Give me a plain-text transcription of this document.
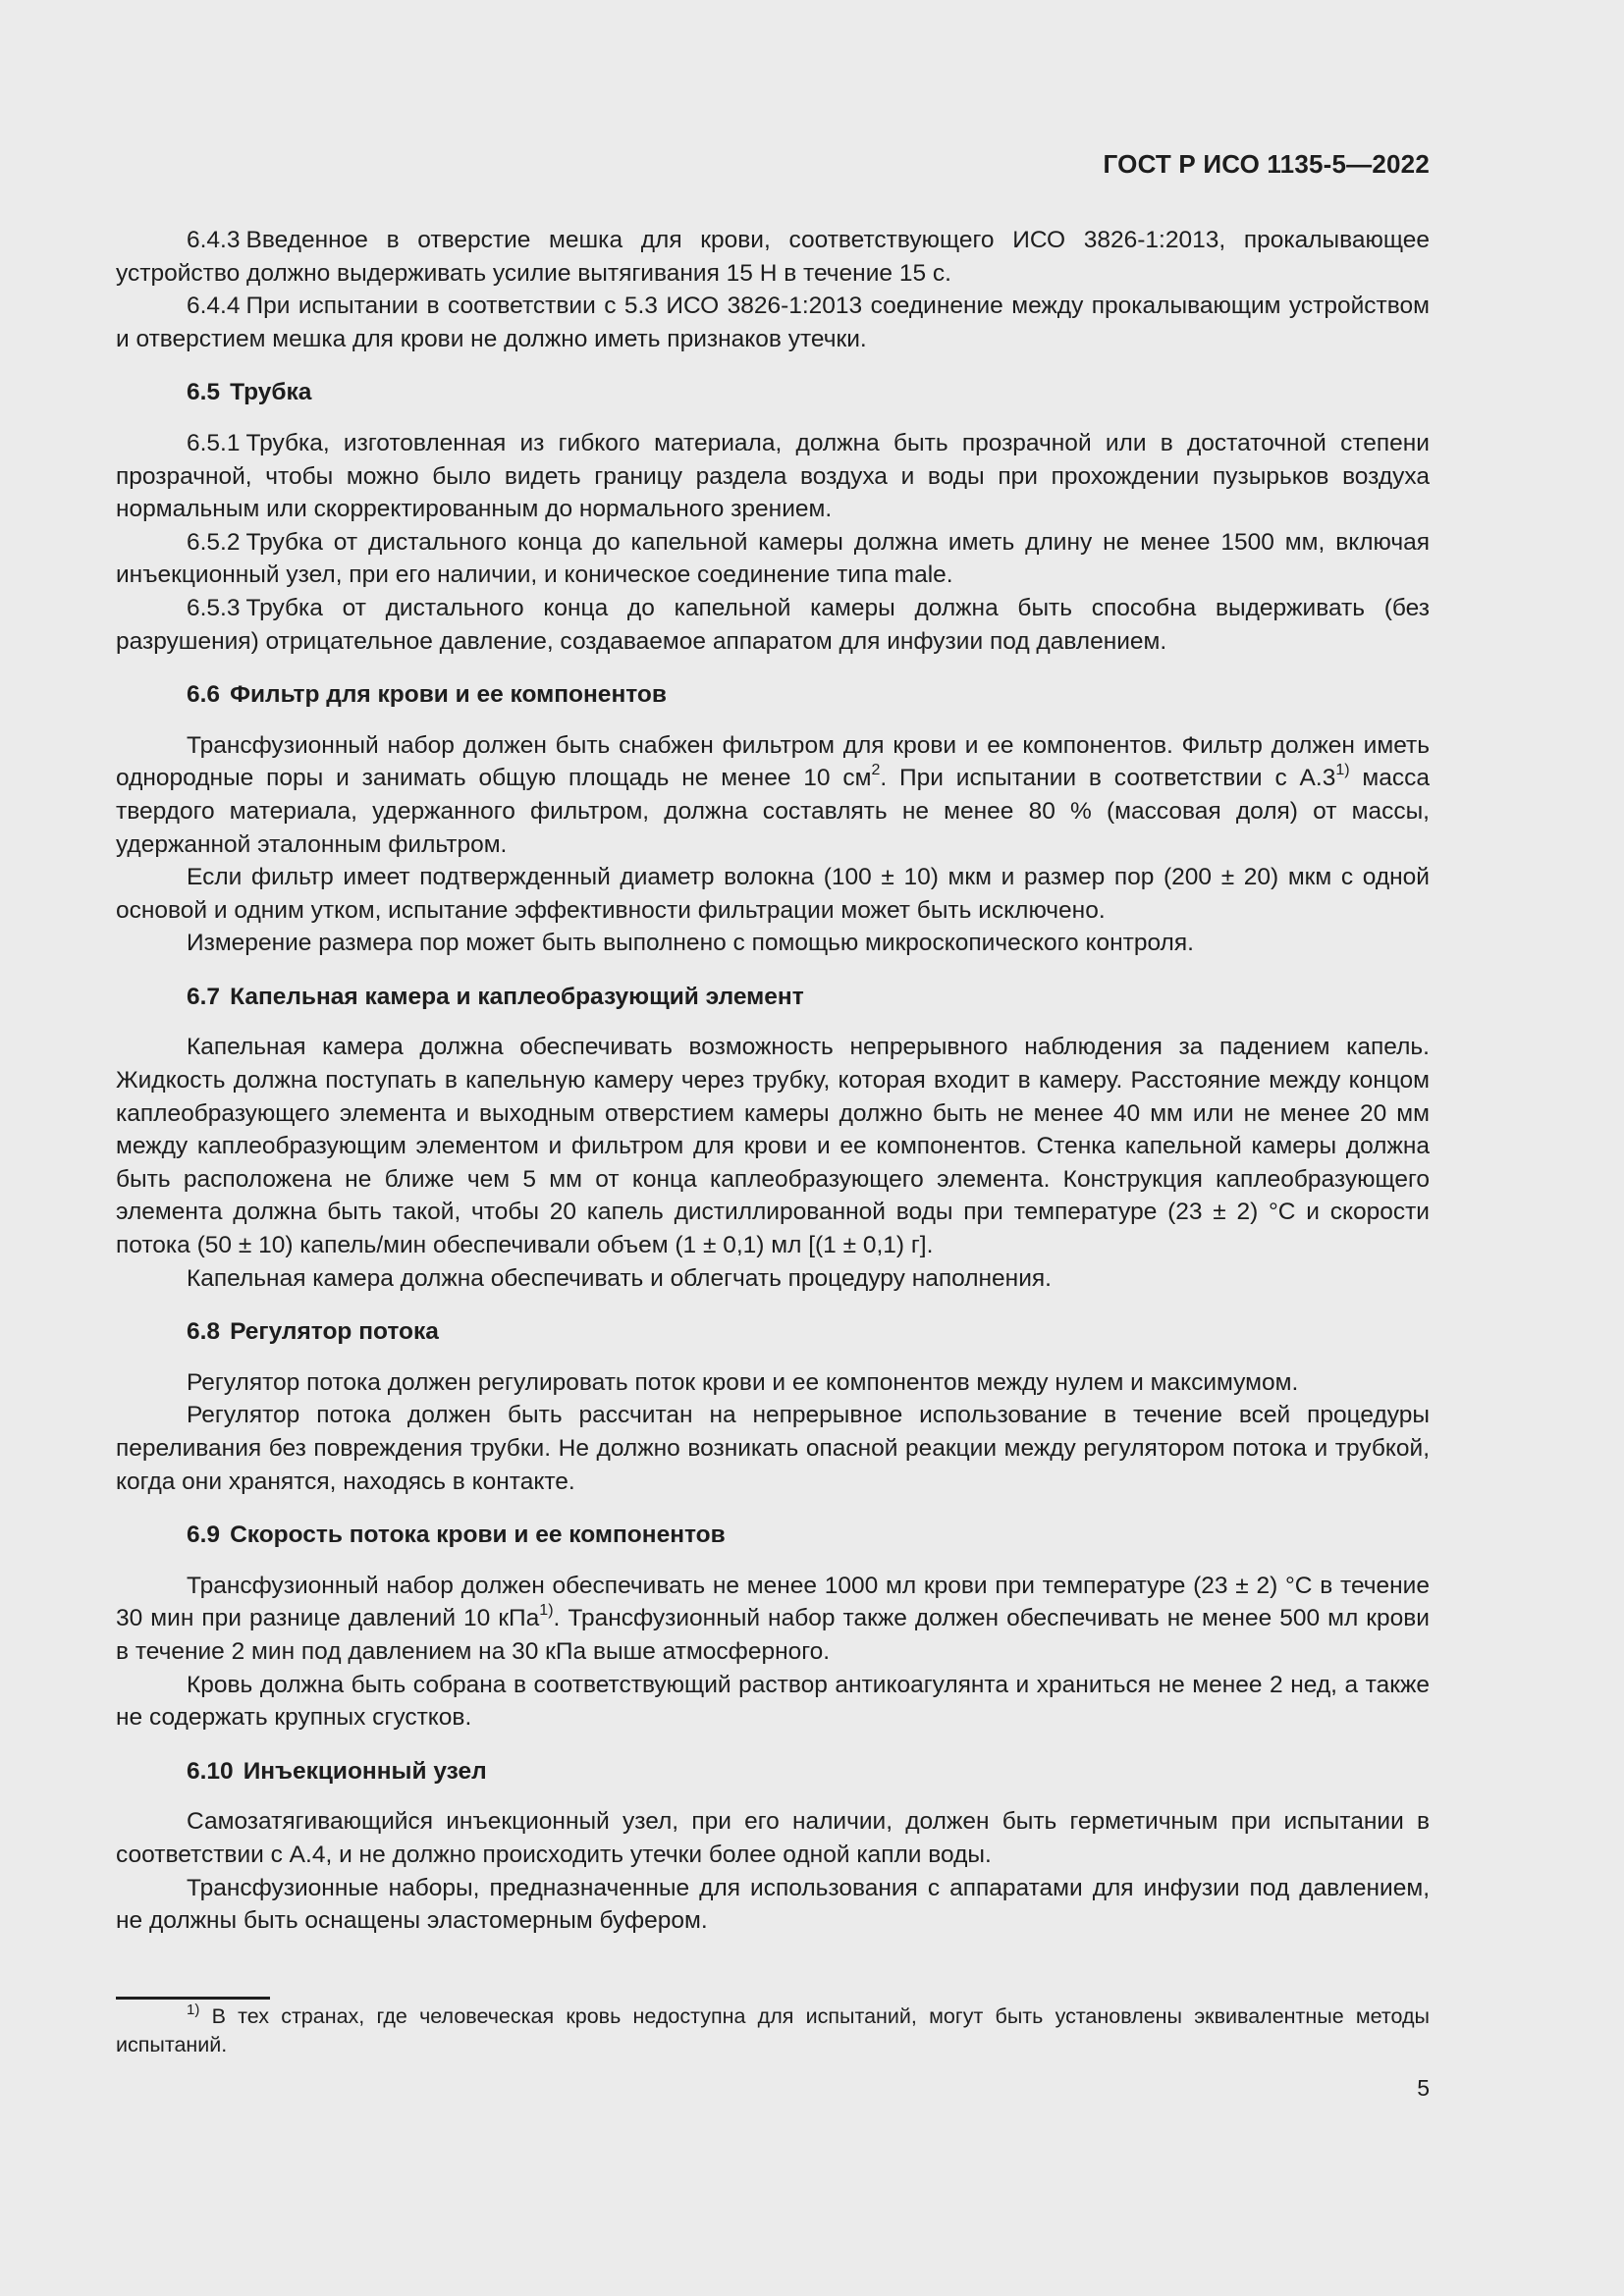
ГОСТ Р ИСО 1135-5—2022

6.4.3 Введенное в отверстие мешка для крови, соответствующего ИСО 3826-1:2013, прокалывающее устройство должно выдерживать усилие вытягивания 15 Н в течение 15 с.

6.4.4 При испытании в соответствии с 5.3 ИСО 3826-1:2013 соединение между прокалывающим устройством и отверстием мешка для крови не должно иметь признаков утечки.

6.5 Трубка

6.5.1 Трубка, изготовленная из гибкого материала, должна быть прозрачной или в достаточной степени прозрачной, чтобы можно было видеть границу раздела воздуха и воды при прохождении пузырьков воздуха нормальным или скорректированным до нормального зрением.

6.5.2 Трубка от дистального конца до капельной камеры должна иметь длину не менее 1500 мм, включая инъекционный узел, при его наличии, и коническое соединение типа male.

6.5.3 Трубка от дистального конца до капельной камеры должна быть способна выдерживать (без разрушения) отрицательное давление, создаваемое аппаратом для инфузии под давлением.

6.6 Фильтр для крови и ее компонентов

Трансфузионный набор должен быть снабжен фильтром для крови и ее компонентов. Фильтр должен иметь однородные поры и занимать общую площадь не менее 10 $см^2$. При испытании в соответствии с А.3$^{1)}$ масса твердого материала, удержанного фильтром, должна составлять не менее 80 % (массовая доля) от массы, удержанной эталонным фильтром.

Если фильтр имеет подтвержденный диаметр волокна (100 ± 10) мкм и размер пор (200 ± 20) мкм с одной основой и одним утком, испытание эффективности фильтрации может быть исключено.

Измерение размера пор может быть выполнено с помощью микроскопического контроля.

6.7 Капельная камера и каплеобразующий элемент

Капельная камера должна обеспечивать возможность непрерывного наблюдения за падением капель. Жидкость должна поступать в капельную камеру через трубку, которая входит в камеру. Расстояние между концом каплеобразующего элемента и выходным отверстием камеры должно быть не менее 40 мм или не менее 20 мм между каплеобразующим элементом и фильтром для крови и ее компонентов. Стенка капельной камеры должна быть расположена не ближе чем 5 мм от конца каплеобразующего элемента. Конструкция каплеобразующего элемента должна быть такой, чтобы 20 капель дистиллированной воды при температуре (23 ± 2) °С и скорости потока (50 ± 10) капель/мин обеспечивали объем (1 ± 0,1) мл [(1 ± 0,1) г].

Капельная камера должна обеспечивать и облегчать процедуру наполнения.

6.8 Регулятор потока

Регулятор потока должен регулировать поток крови и ее компонентов между нулем и максимумом.

Регулятор потока должен быть рассчитан на непрерывное использование в течение всей процедуры переливания без повреждения трубки. Не должно возникать опасной реакции между регулятором потока и трубкой, когда они хранятся, находясь в контакте.

6.9 Скорость потока крови и ее компонентов

Трансфузионный набор должен обеспечивать не менее 1000 мл крови при температуре (23 ± 2) °С в течение 30 мин при разнице давлений 10 кПа$^{1)}$. Трансфузионный набор также должен обеспечивать не менее 500 мл крови в течение 2 мин под давлением на 30 кПа выше атмосферного.

Кровь должна быть собрана в соответствующий раствор антикоагулянта и храниться не менее 2 нед, а также не содержать крупных сгустков.

6.10 Инъекционный узел

Самозатягивающийся инъекционный узел, при его наличии, должен быть герметичным при испытании в соответствии с А.4, и не должно происходить утечки более одной капли воды.

Трансфузионные наборы, предназначенные для использования с аппаратами для инфузии под давлением, не должны быть оснащены эластомерным буфером.

$^{1)}$ В тех странах, где человеческая кровь недоступна для испытаний, могут быть установлены эквивалентные методы испытаний.
5
